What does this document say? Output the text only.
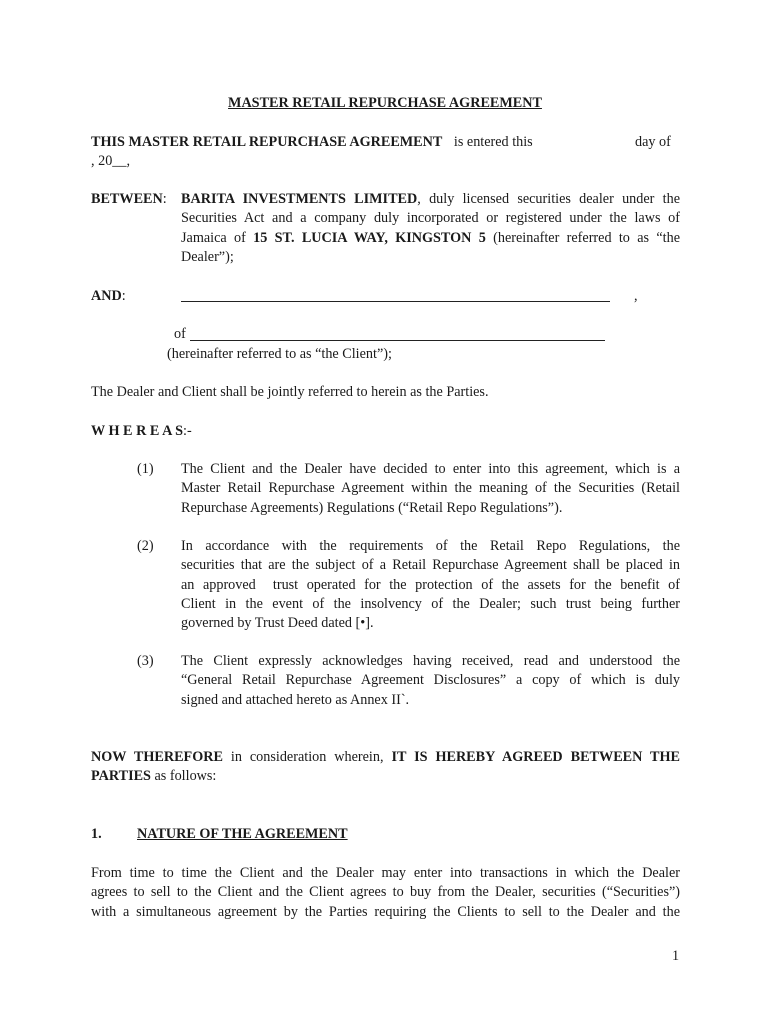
MASTER RETAIL REPURCHASE AGREEMENT
THIS MASTER RETAIL REPURCHASE AGREEMENT is entered this	day of
, 20__,
BETWEEN: BARITA INVESTMENTS LIMITED, duly licensed securities dealer under the
Securities Act and a company duly incorporated or registered under the laws of
Jamaica of 15 ST. LUCIA WAY, KINGSTON 5 (hereinafter referred to as “the
Dealer”);
AND:	,
of
(hereinafter referred to as “the Client”);
The Dealer and Client shall be jointly referred to herein as the Parties.
W H E R E A S:-
(1) The Client and the Dealer have decided to enter into this agreement, which is a
Master Retail Repurchase Agreement within the meaning of the Securities (Retail
Repurchase Agreements) Regulations (“Retail Repo Regulations”).
(2) In accordance with the requirements of the Retail Repo Regulations, the
securities that are the subject of a Retail Repurchase Agreement shall be placed in
an approved  trust operated for the protection of the assets for the benefit of
Client in the event of the insolvency of the Dealer; such trust being further
governed by Trust Deed dated [•].
(3) The Client expressly acknowledges having received, read and understood the
“General Retail Repurchase Agreement Disclosures” a copy of which is duly
signed and attached hereto as Annex II`.
NOW THEREFORE in consideration wherein, IT IS HEREBY AGREED BETWEEN THE
PARTIES as follows:
1. NATURE OF THE AGREEMENT
From time to time the Client and the Dealer may enter into transactions in which the Dealer
agrees to sell to the Client and the Client agrees to buy from the Dealer, securities (“Securities”)
with a simultaneous agreement by the Parties requiring the Clients to sell to the Dealer and the
1
